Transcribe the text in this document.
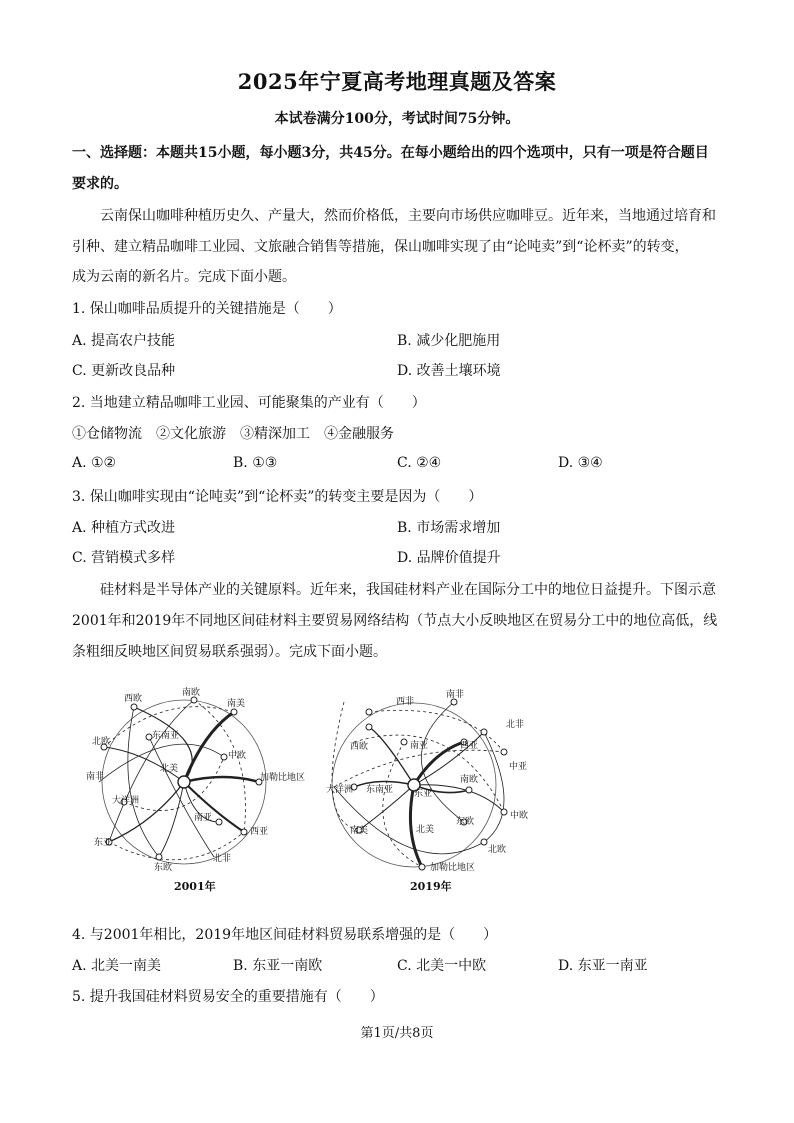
2025年宁夏高考地理真题及答案
本试卷满分100分，考试时间75分钟。
一、选择题：本题共15小题，每小题3分，共45分。在每小题给出的四个选项中，只有一项是符合题目
要求的。
云南保山咖啡种植历史久、产量大，然而价格低，主要向市场供应咖啡豆。近年来，当地通过培育和
引种、建立精品咖啡工业园、文旅融合销售等措施，保山咖啡实现了由“论吨卖”到“论杯卖”的转变，
成为云南的新名片。完成下面小题。
1. 保山咖啡品质提升的关键措施是（　　）
A. 提高农户技能	B. 减少化肥施用
C. 更新改良品种	D. 改善土壤环境
2. 当地建立精品咖啡工业园、可能聚集的产业有（　　）
①仓储物流　②文化旅游　③精深加工　④金融服务
A. ①②	B. ①③	C. ②④	D. ③④
3. 保山咖啡实现由“论吨卖”到“论杯卖”的转变主要是因为（　　）
A. 种植方式改进	B. 市场需求增加
C. 营销模式多样	D. 品牌价值提升
硅材料是半导体产业的关键原料。近年来，我国硅材料产业在国际分工中的地位日益提升。下图示意
2001年和2019年不同地区间硅材料主要贸易网络结构（节点大小反映地区在贸易分工中的地位高低，线
条粗细反映地区间贸易联系强弱）。完成下面小题。
南欧
南美
西欧
东南亚
北欧
中欧
南非
北美
加勒比地区
大洋洲
南亚
西亚
东亚
北非
东欧
2001年
南非
西非
北非
西欧	南亚	西亚
中亚
大洋洲 东南亚 东亚
南欧
中欧
南美	北美
东欧
北欧
加勒比地区
2019年
4. 与2001年相比，2019年地区间硅材料贸易联系增强的是（　　）
A. 北美一南美	B. 东亚一南欧	C. 北美一中欧	D. 东亚一南亚
5. 提升我国硅材料贸易安全的重要措施有（　　）
第1页/共8页
